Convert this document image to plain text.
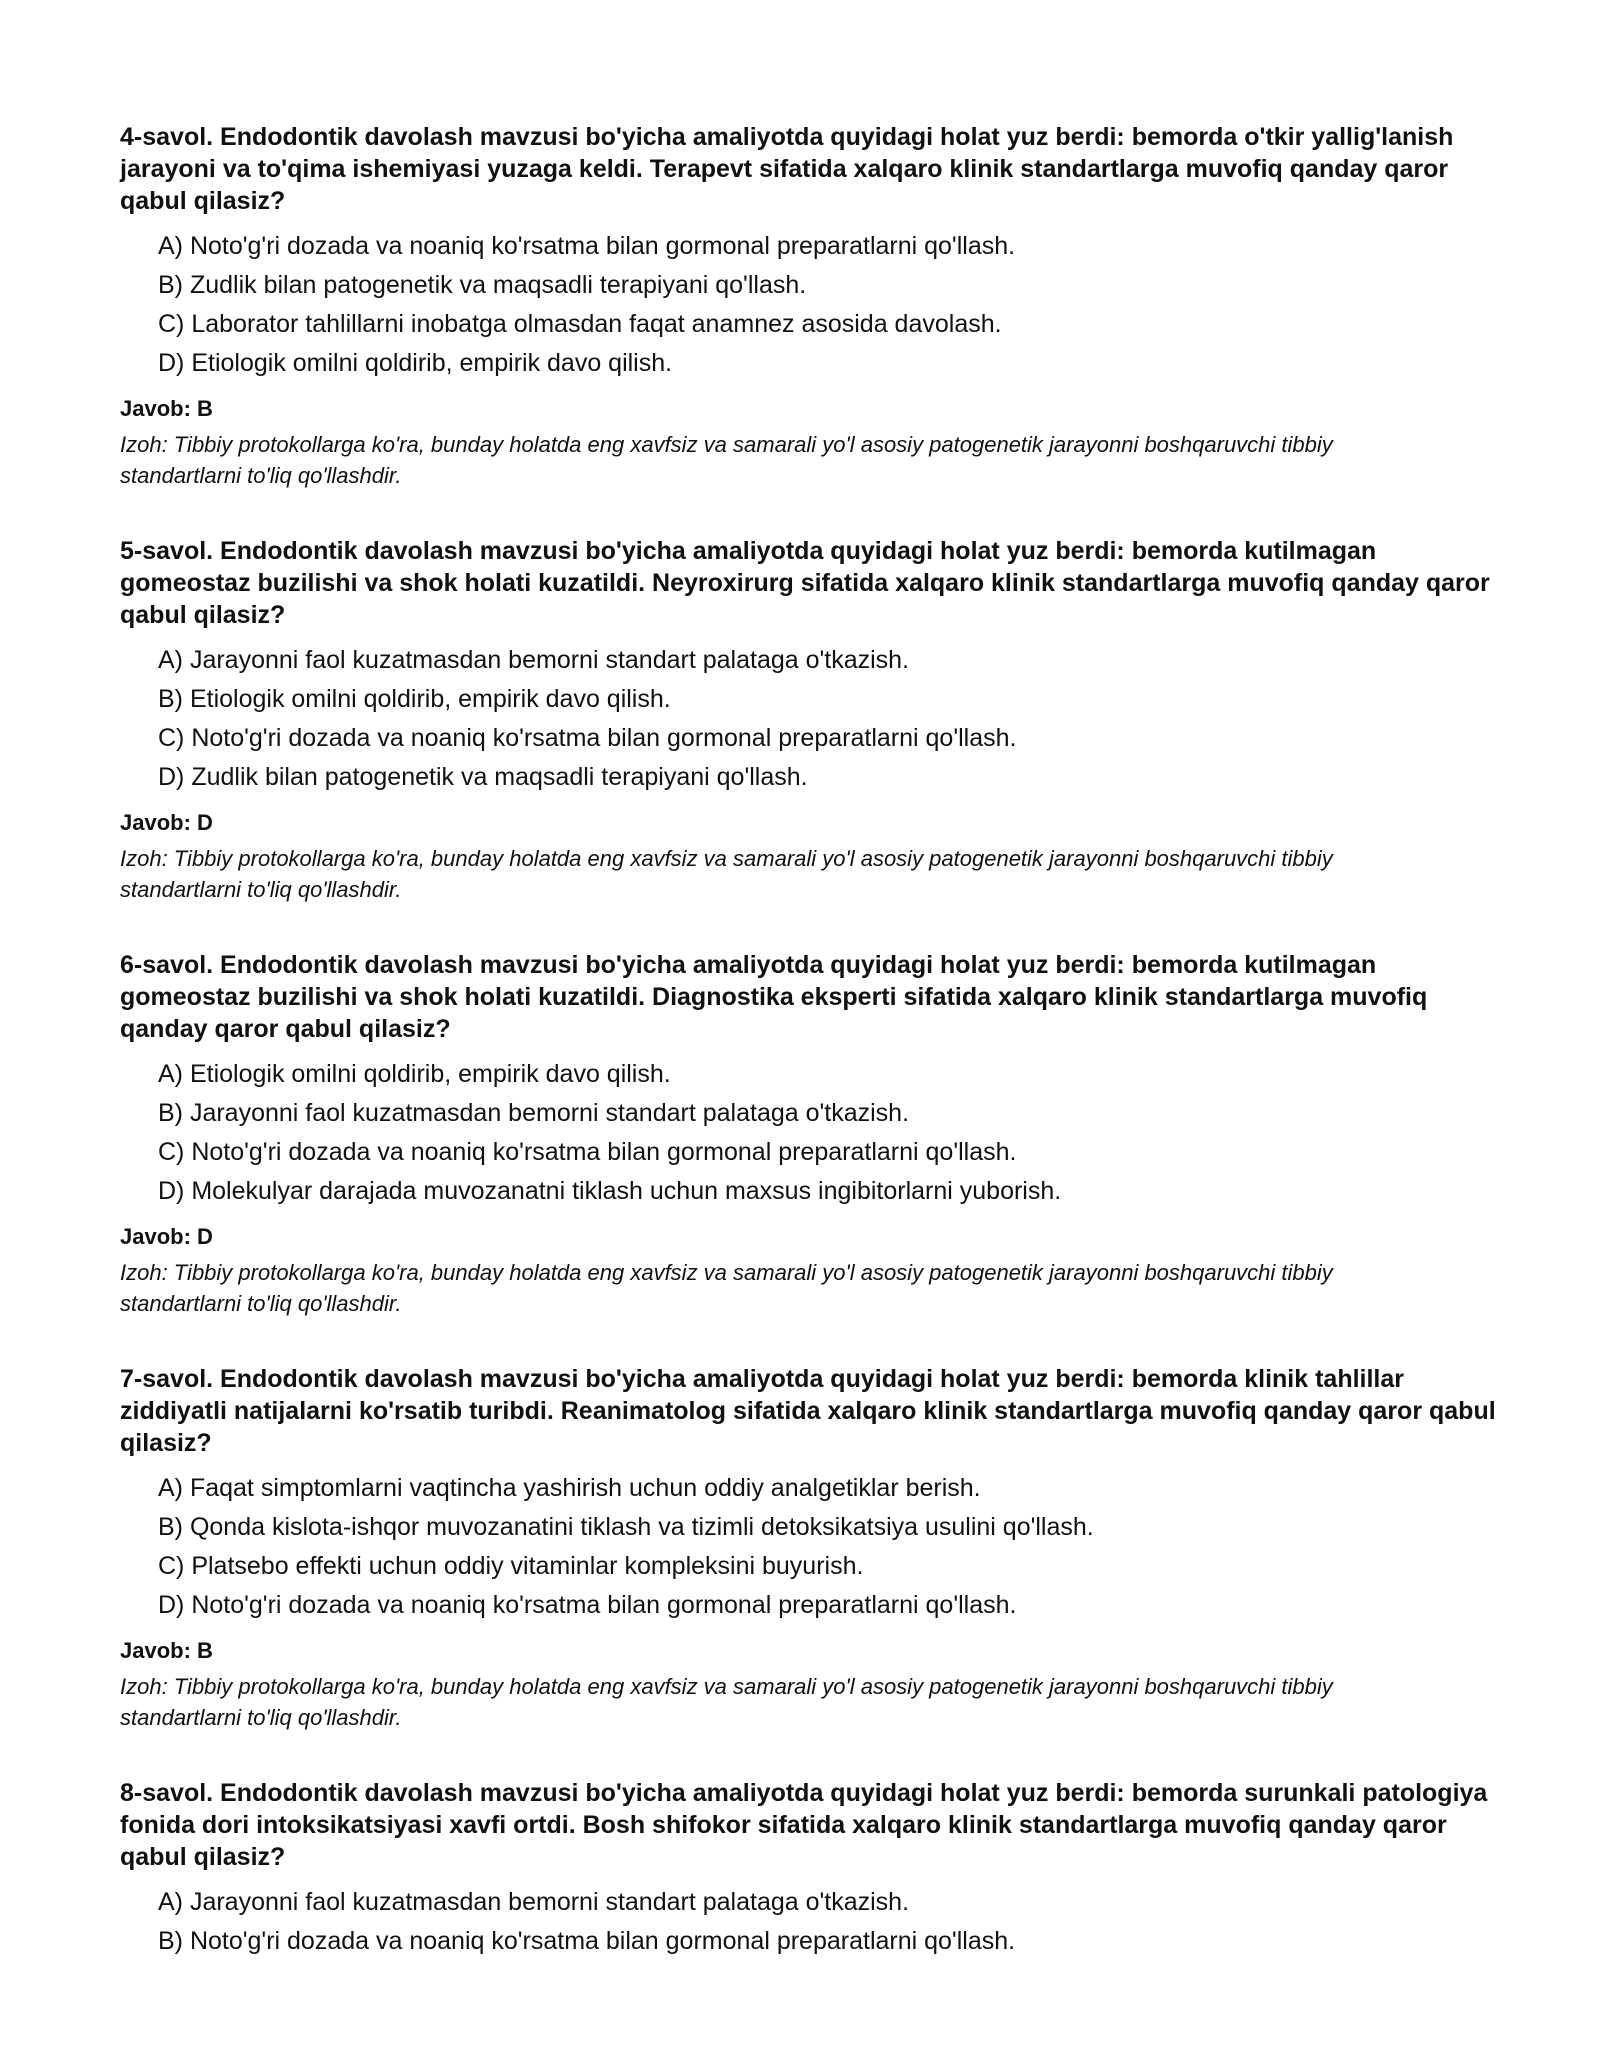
4-savol. Endodontik davolash mavzusi bo'yicha amaliyotda quyidagi holat yuz berdi: bemorda o'tkir yallig'lanish jarayoni va to'qima ishemiyasi yuzaga keldi. Terapevt sifatida xalqaro klinik standartlarga muvofiq qanday qaror qabul qilasiz?

A) Noto'g'ri dozada va noaniq ko'rsatma bilan gormonal preparatlarni qo'llash.
B) Zudlik bilan patogenetik va maqsadli terapiyani qo'llash.
C) Laborator tahlillarni inobatga olmasdan faqat anamnez asosida davolash.
D) Etiologik omilni qoldirib, empirik davo qilish.

Javob: B

Izoh: Tibbiy protokollarga ko'ra, bunday holatda eng xavfsiz va samarali yo'l asosiy patogenetik jarayonni boshqaruvchi tibbiy standartlarni to'liq qo'llashdir.

5-savol. Endodontik davolash mavzusi bo'yicha amaliyotda quyidagi holat yuz berdi: bemorda kutilmagan gomeostaz buzilishi va shok holati kuzatildi. Neyroxirurg sifatida xalqaro klinik standartlarga muvofiq qanday qaror qabul qilasiz?

A) Jarayonni faol kuzatmasdan bemorni standart palataga o'tkazish.
B) Etiologik omilni qoldirib, empirik davo qilish.
C) Noto'g'ri dozada va noaniq ko'rsatma bilan gormonal preparatlarni qo'llash.
D) Zudlik bilan patogenetik va maqsadli terapiyani qo'llash.

Javob: D

Izoh: Tibbiy protokollarga ko'ra, bunday holatda eng xavfsiz va samarali yo'l asosiy patogenetik jarayonni boshqaruvchi tibbiy standartlarni to'liq qo'llashdir.

6-savol. Endodontik davolash mavzusi bo'yicha amaliyotda quyidagi holat yuz berdi: bemorda kutilmagan gomeostaz buzilishi va shok holati kuzatildi. Diagnostika eksperti sifatida xalqaro klinik standartlarga muvofiq qanday qaror qabul qilasiz?

A) Etiologik omilni qoldirib, empirik davo qilish.
B) Jarayonni faol kuzatmasdan bemorni standart palataga o'tkazish.
C) Noto'g'ri dozada va noaniq ko'rsatma bilan gormonal preparatlarni qo'llash.
D) Molekulyar darajada muvozanatni tiklash uchun maxsus ingibitorlarni yuborish.

Javob: D

Izoh: Tibbiy protokollarga ko'ra, bunday holatda eng xavfsiz va samarali yo'l asosiy patogenetik jarayonni boshqaruvchi tibbiy standartlarni to'liq qo'llashdir.

7-savol. Endodontik davolash mavzusi bo'yicha amaliyotda quyidagi holat yuz berdi: bemorda klinik tahlillar ziddiyatli natijalarni ko'rsatib turibdi. Reanimatolog sifatida xalqaro klinik standartlarga muvofiq qanday qaror qabul qilasiz?

A) Faqat simptomlarni vaqtincha yashirish uchun oddiy analgetiklar berish.
B) Qonda kislota-ishqor muvozanatini tiklash va tizimli detoksikatsiya usulini qo'llash.
C) Platsebo effekti uchun oddiy vitaminlar kompleksini buyurish.
D) Noto'g'ri dozada va noaniq ko'rsatma bilan gormonal preparatlarni qo'llash.

Javob: B

Izoh: Tibbiy protokollarga ko'ra, bunday holatda eng xavfsiz va samarali yo'l asosiy patogenetik jarayonni boshqaruvchi tibbiy standartlarni to'liq qo'llashdir.

8-savol. Endodontik davolash mavzusi bo'yicha amaliyotda quyidagi holat yuz berdi: bemorda surunkali patologiya fonida dori intoksikatsiyasi xavfi ortdi. Bosh shifokor sifatida xalqaro klinik standartlarga muvofiq qanday qaror qabul qilasiz?

A) Jarayonni faol kuzatmasdan bemorni standart palataga o'tkazish.
B) Noto'g'ri dozada va noaniq ko'rsatma bilan gormonal preparatlarni qo'llash.
